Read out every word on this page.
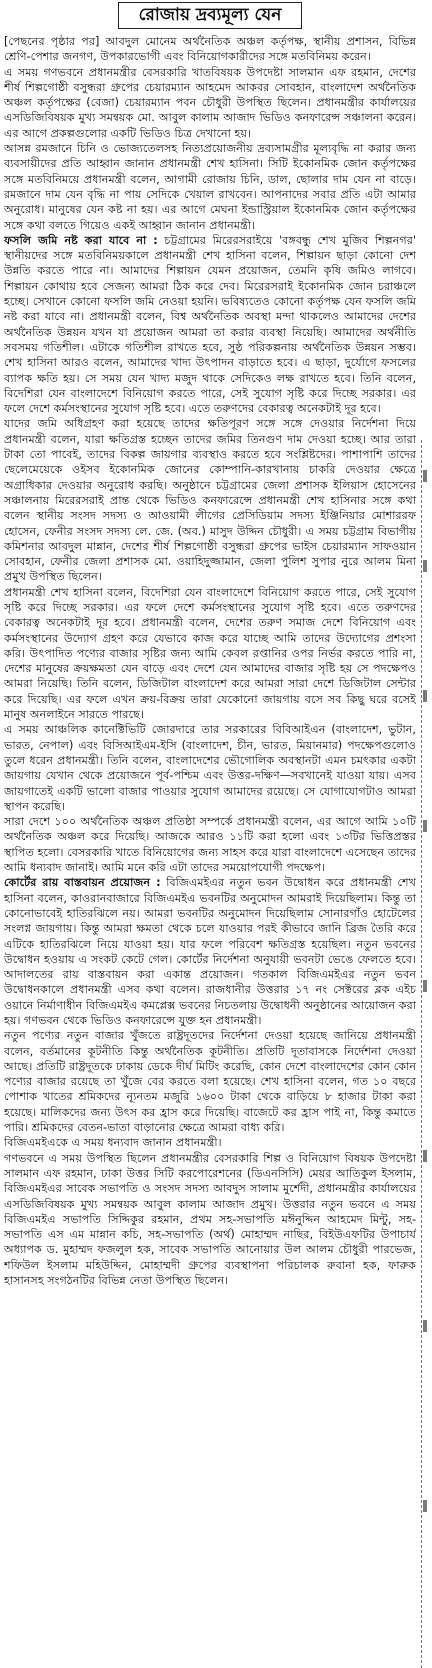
রোজায় দ্রব্যমূল্য যেন

[পেছনের পৃষ্ঠার পর] আবদুল মোনেম অর্থনৈতিক অঞ্চল কর্তৃপক্ষ, স্থানীয় প্রশাসন, বিভিন্ন শ্রেণি-পেশার জনগণ, উপকারভোগী এবং বিনিয়োগকারীদের সঙ্গে মতবিনিময় করেন।

এ সময় গণভবনে প্রধানমন্ত্রীর বেসরকারি খাতবিষয়ক উপদেষ্টা সালমান এফ রহমান, দেশের শীর্ষ শিল্পগোষ্ঠী বসুন্ধরা গ্রুপের চেয়ারম্যান আহমেদ আকবর সোবহান, বাংলাদেশ অর্থনৈতিক অঞ্চল কর্তৃপক্ষের (বেজা) চেয়ারম্যান পবন চৌধুরী উপস্থিত ছিলেন। প্রধানমন্ত্রীর কার্যালয়ের এসডিজিবিষয়ক মুখ্য সমন্বয়ক মো. আবুল কালাম আজাদ ভিডিও কনফারেন্স সঞ্চালনা করেন। এর আগে প্রকল্পগুলোর একটি ভিডিও চিত্র দেখানো হয়।

আসন্ন রমজানে চিনি ও ভোজ্যতেলসহ নিত্যপ্রয়োজনীয় দ্রব্যসামগ্রীর মূল্যবৃদ্ধি না করার জন্য ব্যবসায়ীদের প্রতি আহ্বান জানান প্রধানমন্ত্রী শেখ হাসিনা। সিটি ইকোনমিক জোন কর্তৃপক্ষের সঙ্গে মতবিনিময়ে প্রধানমন্ত্রী বলেন, আগামী রোজায় চিনি, ডাল, ছোলার দাম যেন না বাড়ে। রমজানে দাম যেন বৃদ্ধি না পায় সেদিকে খেয়াল রাখবেন। আপনাদের সবার প্রতি এটা আমার অনুরোধ। মানুষের যেন কষ্ট না হয়। এর আগে মেঘনা ইন্ডাস্ট্রিয়াল ইকোনমিক জোন কর্তৃপক্ষের সঙ্গে কথা বলতে গিয়েও একই আহ্বান জানান প্রধানমন্ত্রী।

ফসলি জমি নষ্ট করা যাবে না : চট্টগ্রামের মিরেরসরাইয়ে 'বঙ্গবন্ধু শেখ মুজিব শিল্পনগর' স্থানীয়দের সঙ্গে মতবিনিময়কালে প্রধানমন্ত্রী শেখ হাসিনা বলেন, শিল্পায়ন ছাড়া কোনো দেশ উন্নতি করতে পারে না। আমাদের শিল্পায়ন যেমন প্রয়োজন, তেমনি কৃষি জমিও লাগবে। শিল্পায়ন কোথায় হবে সেজন্য আমরা ঠিক করে দেব। মিরেরসরাই ইকোনমিক জোন চরাঞ্চলে হচ্ছে। সেখানে কোনো ফসলি জমি নেওয়া হয়নি। ভবিষ্যতেও কোনো কর্তৃপক্ষ যেন ফসলি জমি নষ্ট করা যাবে না। প্রধানমন্ত্রী বলেন, বিশ্ব অর্থনৈতিক অবস্থা মন্দা থাকলেও আমাদের দেশের অর্থনৈতিক উন্নয়ন যখন যা প্রয়োজন আমরা তা করার ব্যবস্থা নিয়েছি। আমাদের অর্থনীতি সবসময় গতিশীল। এটাকে গতিশীল রাখতে হবে, সুষ্ঠ পরিকল্পনায় অর্থনৈতিক উন্নয়ন সম্ভব। শেখ হাসিনা আরও বলেন, আমাদের খাদ্য উৎপাদন বাড়াতে হবে। এ ছাড়া, দুর্যোগে ফসলের ব্যাপক ক্ষতি হয়। সে সময় যেন খাদ্য মজুদ থাকে সেদিকেও লক্ষ রাখতে হবে। তিনি বলেন, বিদেশিরা যেন বাংলাদেশে বিনিয়োগ করতে পারে, সেই সুযোগ সৃষ্টি করে দিচ্ছে সরকার। এর ফলে দেশে কর্মসংস্থানের সুযোগ সৃষ্টি হবে। এতে তরুণদের বেকারত্ব অনেকটাই দূর হবে।

যাদের জমি অধিগ্রহণ করা হয়েছে তাদের ক্ষতিপূরণ সঙ্গে সঙ্গে দেওয়ার নির্দেশনা দিয়ে প্রধানমন্ত্রী বলেন, যারা ক্ষতিগ্রস্ত হচ্ছেন তাদের জমির তিনগুণ দাম দেওয়া হচ্ছে। আর তারা টাকা তো পাবেই, তাদের বিকল্প জায়গার ব্যবস্থাও করতে হবে সংশ্লিষ্টদের। পাশাপাশি তাদের ছেলেমেয়েকে ওইসব ইকোনমিক জোনের কোম্পানি-কারখানায় চাকরি দেওয়ার ক্ষেত্রে অগ্রাধিকার দেওয়ার অনুরোধ করছি। অনুষ্ঠানে চট্টগ্রামের জেলা প্রশাসক ইলিয়াস হোসেনের সঞ্চালনায় মিরেরসরাই প্রান্ত থেকে ভিডিও কনফারেন্সে প্রধানমন্ত্রী শেখ হাসিনার সঙ্গে কথা বলেন স্থানীয় সংসদ সদস্য ও আওয়ামী লীগের প্রেসিডিয়াম সদস্য ইঞ্জিনিয়ার মোশাররফ হোসেন, ফেনীর সংসদ সদস্য লে. জে. (অব.) মাসুদ উদ্দিন চৌধুরী। এ সময় চট্টগ্রাম বিভাগীয় কমিশনার আবদুল মান্নান, দেশের শীর্ষ শিল্পগোষ্ঠী বসুন্ধরা গ্রুপের ভাইস চেয়ারম্যান সাফওয়ান সোবহান, ফেনীর জেলা প্রশাসক মো. ওয়াহিদুজ্জামান, জেলা পুলিশ সুপার নুরে আলম মিনা প্রমুখ উপস্থিত ছিলেন।

প্রধানমন্ত্রী শেখ হাসিনা বলেন, বিদেশিরা যেন বাংলাদেশে বিনিয়োগ করতে পারে, সেই সুযোগ সৃষ্টি করে দিচ্ছে সরকার। এর ফলে দেশে কর্মসংস্থানের সুযোগ সৃষ্টি হবে। এতে তরুণদের বেকারত্ব অনেকটাই দূর হবে। প্রধানমন্ত্রী বলেন, দেশের তরুণ সমাজ দেশে বিনিয়োগ এবং কর্মসংস্থানের উদ্যোগ গ্রহণ করে যেভাবে কাজ করে যাচ্ছে আমি তাদের উদ্যোগের প্রশংসা করি। উৎপাদিত পণ্যের বাজার সৃষ্টির জন্য আমি কেবল রপ্তানির ওপর নির্ভর করতে পারি না, দেশের মানুষের ক্রয়ক্ষমতা যেন বাড়ে এবং দেশে যেন আমাদের বাজার সৃষ্টি হয় সে পদক্ষেপও আমরা নিয়েছি। তিনি বলেন, ডিজিটাল বাংলাদেশ করে আমরা সারা দেশে ডিজিটাল সেন্টার করে দিয়েছি। এর ফলে এখন ক্রয়-বিক্রয় তারা যেকোনো জায়গায় বসে সব কিছু ঘরে বসেই মানুষ অনলাইনে সারতে পারছে।

এ সময় আঞ্চলিক কানেক্টিভিটি জোরদারে তার সরকারের বিবিআইএন (বাংলাদেশ, ভুটান, ভারত, নেপাল) এবং বিসিআইএম-ইসি (বাংলাদেশ, চীন, ভারত, মিয়ানমার) পদক্ষেপগুলোও তুলে ধরেন প্রধানমন্ত্রী। তিনি বলেন, বাংলাদেশের ভৌগোলিক অবস্থানটা এমন চমৎকার একটা জায়গায় যেখান থেকে প্রয়োজনে পূর্ব-পশ্চিম এবং উত্তর-দক্ষিণ—সবখানেই যাওয়া যায়। এসব জায়গাতেই একটি ভালো বাজার পাওয়ার সুযোগ আমাদের রয়েছে। সে যোগাযোগটাও আমরা স্থাপন করেছি।

সারা দেশে ১০০ অর্থনৈতিক অঞ্চল প্রতিষ্ঠা সম্পর্কে প্রধানমন্ত্রী বলেন, এর আগে আমি ১০টি অর্থনৈতিক অঞ্চল করে দিয়েছি। আজকে আরও ১১টি করা হলো এবং ১৩টির ভিত্তিপ্রস্তর স্থাপিত হলো। বেসরকারি খাতে বিনিয়োগের জন্য সাহস করে যারা বাংলাদেশে এসেছেন তাদের আমি ধন্যবাদ জানাই। আমি মনে করি এটা তাদের সময়োপযোগী পদক্ষেপ।

কোর্টের রায় বাস্তবায়ন প্রয়োজন : বিজিএমইএর নতুন ভবন উদ্বোধন করে প্রধানমন্ত্রী শেখ হাসিনা বলেন, কাওরানবাজারে বিজিএমইএ ভবনটির অনুমোদন আমরাই দিয়েছিলাম। কিন্তু তা কোনোভাবেই হাতিরঝিলে নয়। আমরা ভবনটির অনুমোদন দিয়েছিলাম সোনারগাঁও হোটেলের সংলগ্ন জায়গায়। কিন্তু আমরা ক্ষমতা থেকে চলে যাওয়ার পরই কীভাবে জানি ব্রিজ তৈরি করে এটিকে হাতিরঝিলে নিয়ে যাওয়া হয়। যার ফলে পরিবেশ ক্ষতিগ্রস্ত হয়েছিল। নতুন ভবনের উদ্বোধন হওয়ায় এ সংকট কেটে গেল। কোর্টের নির্দেশনা অনুযায়ী ভবনটা ভেঙে ফেলতে হবে। আদালতের রায় বাস্তবায়ন করা একান্ত প্রয়োজন। গতকাল বিজিএমইএর নতুন ভবন উদ্বোধনকালে প্রধানমন্ত্রী এসব কথা বলেন। রাজধানীর উত্তরার ১৭ নং সেক্টরের ব্লক এইচ ওয়ানে নির্মাণাধীন বিজিএমইএ কমপ্লেক্স ভবনের নিচতলায় উদ্বোধনী অনুষ্ঠানের আয়োজন করা হয়। গণভবন থেকে ভিডিও কনফারেন্সে যুক্ত হন প্রধানমন্ত্রী।

নতুন পণ্যের নতুন বাজার খুঁজতে রাষ্ট্রদূতদের নির্দেশনা দেওয়া হয়েছে জানিয়ে প্রধানমন্ত্রী বলেন, বর্তমানের কূটনীতি কিন্তু অর্থনৈতিক কূটনীতি। প্রতিটি দূতাবাসকে নির্দেশনা দেওয়া আছে। প্রতিটি রাষ্ট্রদূতকে ঢাকায় ডেকে দীর্ঘ মিটিং করেছি, কোন দেশে বাংলাদেশের কোন কোন পণ্যের বাজার রয়েছে তা খুঁজে বের করতে বলা হয়েছে। শেখ হাসিনা বলেন, গত ১০ বছরে পোশাক খাতের শ্রমিকদের ন্যূনতম মজুরি ১৬০০ টাকা থেকে বাড়িয়ে ৮ হাজার টাকা করা হয়েছে। মালিকদের জন্য উৎস কর হ্রাস করে দিয়েছি। বাজেটে কর হ্রাস পাই না, কিন্তু কমাতে পারি। শ্রমিকদের বেতন-ভাতা বাড়ানোর ক্ষেত্রে আমরা বাধ্য করি।

বিজিএমইএকে এ সময় ধন্যবাদ জানান প্রধানমন্ত্রী।

গণভবনে এ সময় উপস্থিত ছিলেন প্রধানমন্ত্রীর বেসরকারি শিল্প ও বিনিয়োগ বিষয়ক উপদেষ্টা সালমান এফ রহমান, ঢাকা উত্তর সিটি করপোরেশনের (ডিএনসিসি) মেয়র আতিকুল ইসলাম, বিজিএমইএর সাবেক সভাপতি ও সংসদ সদস্য আবদুস সালাম মুর্শেদী, প্রধানমন্ত্রীর কার্যালয়ের এসডিজিবিষয়ক মুখ্য সমন্বয়ক আবুল কালাম আজাদ প্রমুখ। উত্তরার নতুন ভবনে এ সময় বিজিএমইএ সভাপতি সিদ্দিকুর রহমান, প্রথম সহ-সভাপতি মঈনুদ্দিন আহমেদ মিন্টু, সহ-সভাপতি এস এম মান্নান কচি, সহ-সভাপতি (অর্থ) মোহাম্মদ নাছির, বিইউএফটির উপাচার্য অধ্যাপক ড. মুহাম্মদ ফজলুল হক, সাবেক সভাপতি আনোয়ার উল আলম চৌধুরী পারভেজ, শফিউল ইসলাম মহিউদ্দিন, মোহাম্মদী গ্রুপের ব্যবস্থাপনা পরিচালক রুবানা হক, ফারুক হাসানসহ সংগঠনটির বিভিন্ন নেতা উপস্থিত ছিলেন।
